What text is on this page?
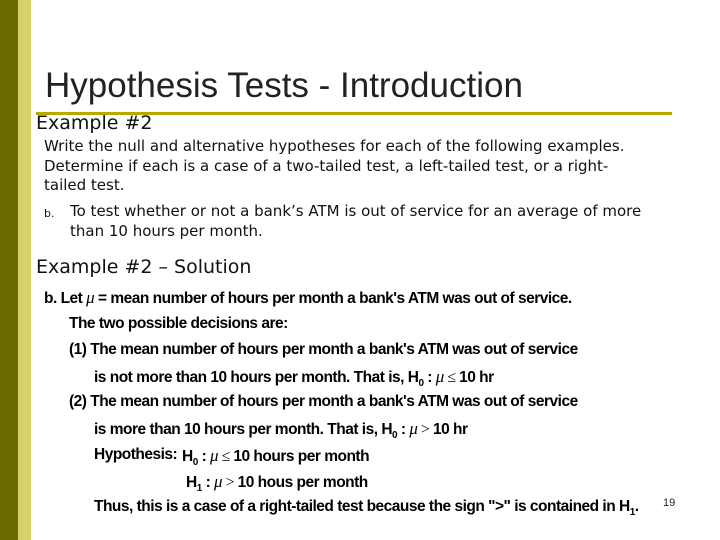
Hypothesis Tests - Introduction
Example #2

Write the null and alternative hypotheses for each of the following examples. Determine if each is a case of a two-tailed test, a left-tailed test, or a right-tailed test.

b. To test whether or not a bank’s ATM is out of service for an average of more than 10 hours per month.
Example #2 – Solution
b. Let μ = mean number of hours per month a bank's ATM was out of service.
The two possible decisions are:
(1) The mean number of hours per month a bank's ATM was out of service
is not more than 10 hours per month. That is, $H_0$ : μ ≤ 10 hr
(2) The mean number of hours per month a bank's ATM was out of service
is more than 10 hours per month. That is, $H_0$ : μ > 10 hr
Hypothesis: $H_0$ : μ ≤ 10 hours per month
$H_1$ : μ > 10 hous per month
Thus, this is a case of a right-tailed test because the sign ">" is contained in $H_1$. 19
